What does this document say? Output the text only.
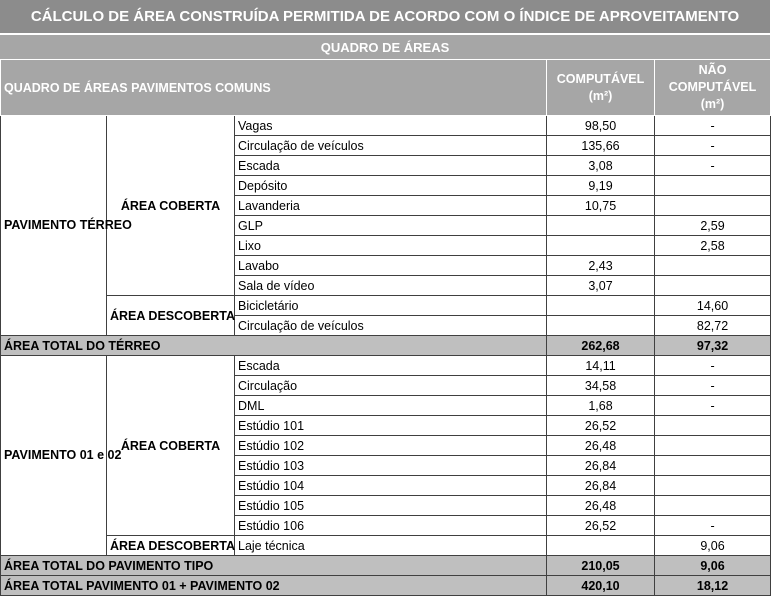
CÁLCULO DE ÁREA CONSTRUÍDA PERMITIDA DE ACORDO COM O ÍNDICE DE APROVEITAMENTO
QUADRO DE ÁREAS
QUADRO DE ÁREAS PAVIMENTOS COMUNS			COMPUTÁVEL (m²)	NÃO COMPUTÁVEL (m²)
PAVIMENTO TÉRREO	ÁREA COBERTA	Vagas	98,50	-
		Circulação de veículos	135,66	-
		Escada	3,08	-
		Depósito	9,19	
		Lavanderia	10,75	
		GLP		2,59
		Lixo		2,58
		Lavabo	2,43	
		Sala de vídeo	3,07	
	ÁREA DESCOBERTA	Bicicletário		14,60
		Circulação de veículos		82,72
ÁREA TOTAL DO TÉRREO			262,68	97,32
PAVIMENTO 01 e 02	ÁREA COBERTA	Escada	14,11	-
		Circulação	34,58	-
		DML	1,68	-
		Estúdio 101	26,52	
		Estúdio 102	26,48	
		Estúdio 103	26,84	
		Estúdio 104	26,84	
		Estúdio 105	26,48	
		Estúdio 106	26,52	-
	ÁREA DESCOBERTA	Laje técnica		9,06
ÁREA TOTAL DO PAVIMENTO TIPO			210,05	9,06
ÁREA TOTAL PAVIMENTO 01 + PAVIMENTO 02			420,10	18,12
